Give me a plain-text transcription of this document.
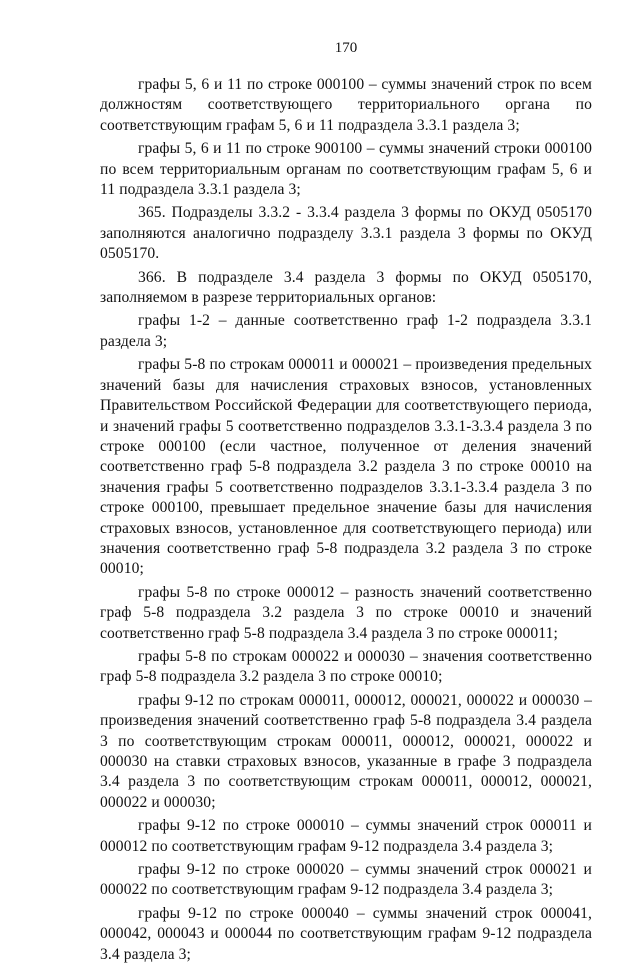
170

графы 5, 6 и 11 по строке 000100 – суммы значений строк по всем должностям соответствующего территориального органа по соответствующим графам 5, 6 и 11 подраздела 3.3.1 раздела 3;

графы 5, 6 и 11 по строке 900100 – суммы значений строки 000100 по всем территориальным органам по соответствующим графам 5, 6 и 11 подраздела 3.3.1 раздела 3;

365. Подразделы 3.3.2 - 3.3.4 раздела 3 формы по ОКУД 0505170 заполняются аналогично подразделу 3.3.1 раздела 3 формы по ОКУД 0505170.

366. В подразделе 3.4 раздела 3 формы по ОКУД 0505170, заполняемом в разрезе территориальных органов:

графы 1-2 – данные соответственно граф 1-2 подраздела 3.3.1 раздела 3;

графы 5-8 по строкам 000011 и 000021 – произведения предельных значений базы для начисления страховых взносов, установленных Правительством Российской Федерации для соответствующего периода, и значений графы 5 соответственно подразделов 3.3.1-3.3.4 раздела 3 по строке 000100 (если частное, полученное от деления значений соответственно граф 5-8 подраздела 3.2 раздела 3 по строке 00010 на значения графы 5 соответственно подразделов 3.3.1-3.3.4 раздела 3 по строке 000100, превышает предельное значение базы для начисления страховых взносов, установленное для соответствующего периода) или значения соответственно граф 5-8 подраздела 3.2 раздела 3 по строке 00010;

графы 5-8 по строке 000012 – разность значений соответственно граф 5-8 подраздела 3.2 раздела 3 по строке 00010 и значений соответственно граф 5-8 подраздела 3.4 раздела 3 по строке 000011;

графы 5-8 по строкам 000022 и 000030 – значения соответственно граф 5-8 подраздела 3.2 раздела 3 по строке 00010;

графы 9-12 по строкам 000011, 000012, 000021, 000022 и 000030 – произведения значений соответственно граф 5-8 подраздела 3.4 раздела 3 по соответствующим строкам 000011, 000012, 000021, 000022 и 000030 на ставки страховых взносов, указанные в графе 3 подраздела 3.4 раздела 3 по соответствующим строкам 000011, 000012, 000021, 000022 и 000030;

графы 9-12 по строке 000010 – суммы значений строк 000011 и 000012 по соответствующим графам 9-12 подраздела 3.4 раздела 3;

графы 9-12 по строке 000020 – суммы значений строк 000021 и 000022 по соответствующим графам 9-12 подраздела 3.4 раздела 3;

графы 9-12 по строке 000040 – суммы значений строк 000041, 000042, 000043 и 000044 по соответствующим графам 9-12 подраздела 3.4 раздела 3;
